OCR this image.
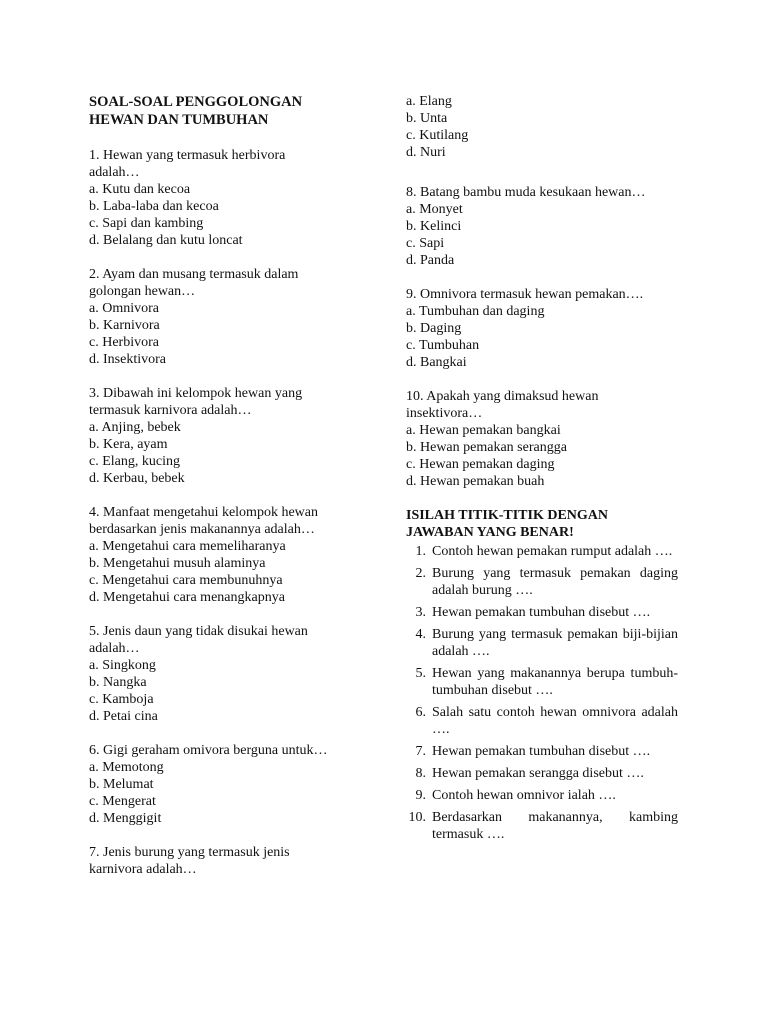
SOAL-SOAL PENGGOLONGAN
HEWAN DAN TUMBUHAN
1. Hewan yang termasuk herbivora adalah…
a. Kutu dan kecoa
b. Laba-laba dan kecoa
c. Sapi dan kambing
d. Belalang dan kutu loncat
2. Ayam dan musang termasuk dalam golongan hewan…
a. Omnivora
b. Karnivora
c. Herbivora
d. Insektivora
3. Dibawah ini kelompok hewan yang termasuk karnivora adalah…
a. Anjing, bebek
b. Kera, ayam
c. Elang, kucing
d. Kerbau, bebek
4. Manfaat mengetahui kelompok hewan berdasarkan jenis makanannya adalah…
a. Mengetahui cara memeliharanya
b. Mengetahui musuh alaminya
c. Mengetahui cara membunuhnya
d. Mengetahui cara menangkapnya
5. Jenis daun yang tidak disukai hewan adalah…
a. Singkong
b. Nangka
c. Kamboja
d. Petai cina
6. Gigi geraham omivora berguna untuk…
a. Memotong
b. Melumat
c. Mengerat
d. Menggigit
7. Jenis burung yang termasuk jenis karnivora adalah…
a. Elang
b. Unta
c. Kutilang
d. Nuri
8. Batang bambu muda kesukaan hewan…
a. Monyet
b. Kelinci
c. Sapi
d. Panda
9. Omnivora termasuk hewan pemakan….
a. Tumbuhan dan daging
b. Daging
c. Tumbuhan
d. Bangkai
10. Apakah yang dimaksud hewan insektivora…
a. Hewan pemakan bangkai
b. Hewan pemakan serangga
c. Hewan pemakan daging
d. Hewan pemakan buah
ISILAH TITIK-TITIK DENGAN
JAWABAN YANG BENAR!
1. Contoh hewan pemakan rumput adalah ….
2. Burung yang termasuk pemakan daging adalah burung ….
3. Hewan pemakan tumbuhan disebut ….
4. Burung yang termasuk pemakan biji-bijian adalah ….
5. Hewan yang makanannya berupa tumbuh-tumbuhan disebut ….
6. Salah satu contoh hewan omnivora adalah ….
7. Hewan pemakan tumbuhan disebut ….
8. Hewan pemakan serangga disebut ….
9. Contoh hewan omnivor ialah ….
10. Berdasarkan makanannya, kambing termasuk ….
